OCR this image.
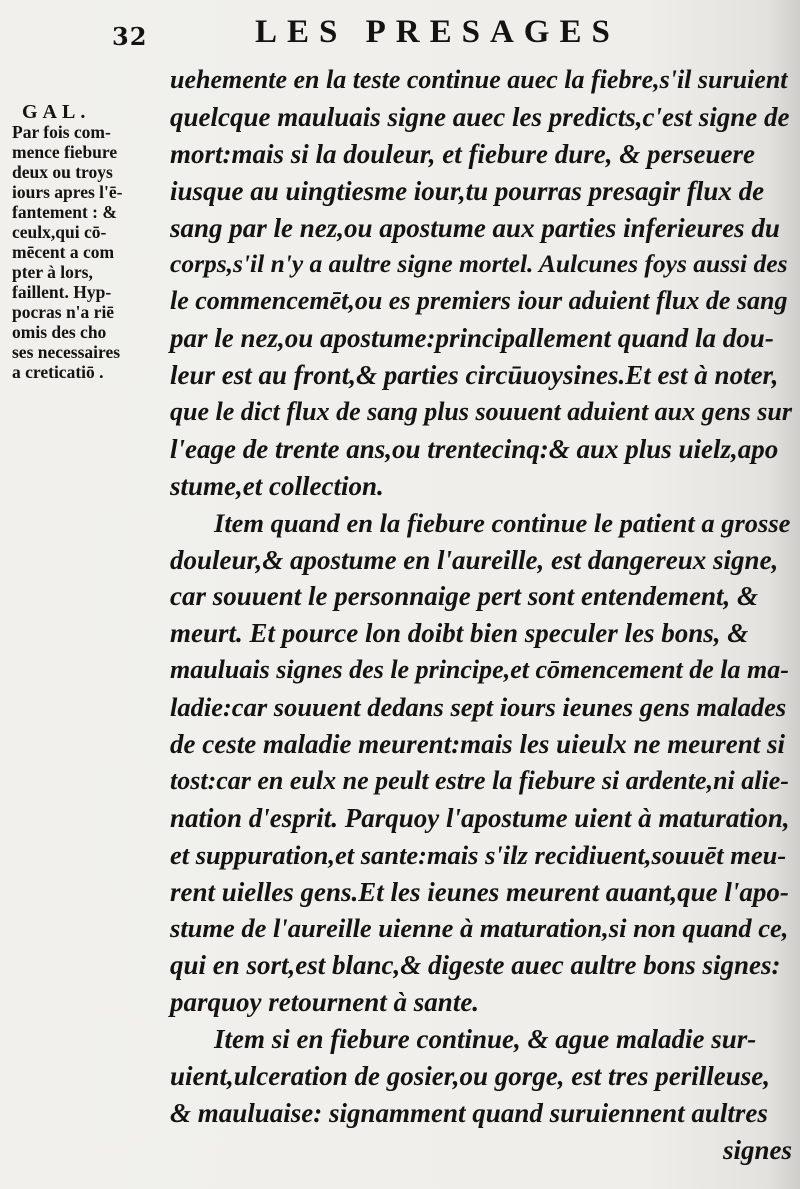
32	LES PRESAGES
GAL.
Par fois com-
mence fiebure
deux ou troys
iours apres l'ē-
fantement : &
ceulx,qui cō-
mēcent a com
pter à lors,
faillent. Hyp-
pocras n'a riē
omis des cho
ses necessaires
a creticatiō .
uehemente en la teste continue auec la fiebre,s'il suruient
quelcque mauluais signe auec les predicts,c'est signe de
mort:mais si la douleur, et fiebure dure, & perseuere
iusque au uingtiesme iour,tu pourras presagir flux de
sang par le nez,ou apostume aux parties inferieures du
corps,s'il n'y a aultre signe mortel. Aulcunes foys aussi des
le commencemēt,ou es premiers iour aduient flux de sang
par le nez,ou apostume:principallement quand la dou-
leur est au front,& parties circūuoysines.Et est à noter,
que le dict flux de sang plus souuent aduient aux gens sur
l'eage de trente ans,ou trentecinq:& aux plus uielz,apo
stume,et collection.
Item quand en la fiebure continue le patient a grosse
douleur,& apostume en l'aureille, est dangereux signe,
car souuent le personnaige pert sont entendement, &
meurt. Et pource lon doibt bien speculer les bons, &
mauluais signes des le principe,et cōmencement de la ma-
ladie:car souuent dedans sept iours ieunes gens malades
de ceste maladie meurent:mais les uieulx ne meurent si
tost:car en eulx ne peult estre la fiebure si ardente,ni alie-
nation d'esprit. Parquoy l'apostume uient à maturation,
et suppuration,et sante:mais s'ilz recidiuent,souuēt meu-
rent uielles gens.Et les ieunes meurent auant,que l'apo-
stume de l'aureille uienne à maturation,si non quand ce,
qui en sort,est blanc,& digeste auec aultre bons signes:
parquoy retournent à sante.
Item si en fiebure continue, & ague maladie sur-
uient,ulceration de gosier,ou gorge, est tres perilleuse,
& mauluaise: signamment quand suruiennent aultres
signes
